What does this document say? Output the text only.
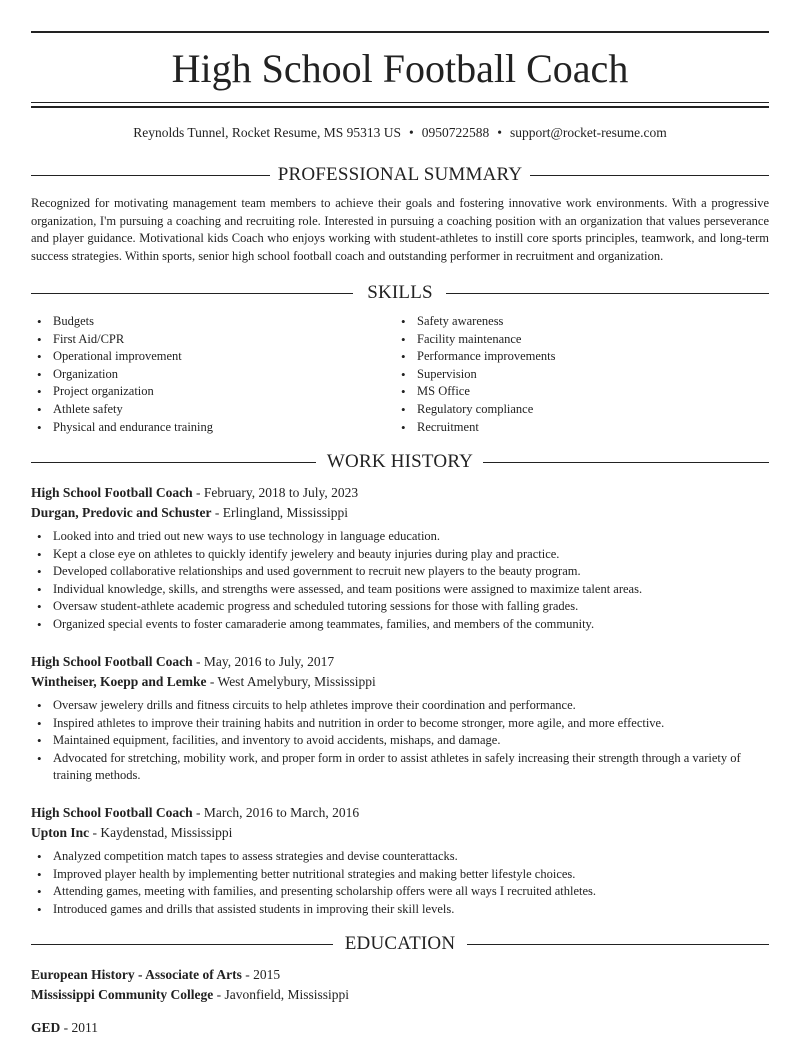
High School Football Coach
Reynolds Tunnel, Rocket Resume, MS 95313 US • 0950722588 • support@rocket-resume.com
PROFESSIONAL SUMMARY
Recognized for motivating management team members to achieve their goals and fostering innovative work environments. With a progressive organization, I'm pursuing a coaching and recruiting role. Interested in pursuing a coaching position with an organization that values perseverance and player guidance. Motivational kids Coach who enjoys working with student-athletes to instill core sports principles, teamwork, and long-term success strategies. Within sports, senior high school football coach and outstanding performer in recruitment and organization.
SKILLS
• Budgets
• First Aid/CPR
• Operational improvement
• Organization
• Project organization
• Athlete safety
• Physical and endurance training
• Safety awareness
• Facility maintenance
• Performance improvements
• Supervision
• MS Office
• Regulatory compliance
• Recruitment
WORK HISTORY
High School Football Coach - February, 2018 to July, 2023
Durgan, Predovic and Schuster - Erlingland, Mississippi
• Looked into and tried out new ways to use technology in language education.
• Kept a close eye on athletes to quickly identify jewelery and beauty injuries during play and practice.
• Developed collaborative relationships and used government to recruit new players to the beauty program.
• Individual knowledge, skills, and strengths were assessed, and team positions were assigned to maximize talent areas.
• Oversaw student-athlete academic progress and scheduled tutoring sessions for those with falling grades.
• Organized special events to foster camaraderie among teammates, families, and members of the community.
High School Football Coach - May, 2016 to July, 2017
Wintheiser, Koepp and Lemke - West Amelybury, Mississippi
• Oversaw jewelery drills and fitness circuits to help athletes improve their coordination and performance.
• Inspired athletes to improve their training habits and nutrition in order to become stronger, more agile, and more effective.
• Maintained equipment, facilities, and inventory to avoid accidents, mishaps, and damage.
• Advocated for stretching, mobility work, and proper form in order to assist athletes in safely increasing their strength through a variety of training methods.
High School Football Coach - March, 2016 to March, 2016
Upton Inc - Kaydenstad, Mississippi
• Analyzed competition match tapes to assess strategies and devise counterattacks.
• Improved player health by implementing better nutritional strategies and making better lifestyle choices.
• Attending games, meeting with families, and presenting scholarship offers were all ways I recruited athletes.
• Introduced games and drills that assisted students in improving their skill levels.
EDUCATION
European History - Associate of Arts - 2015
Mississippi Community College - Javonfield, Mississippi
GED - 2011
